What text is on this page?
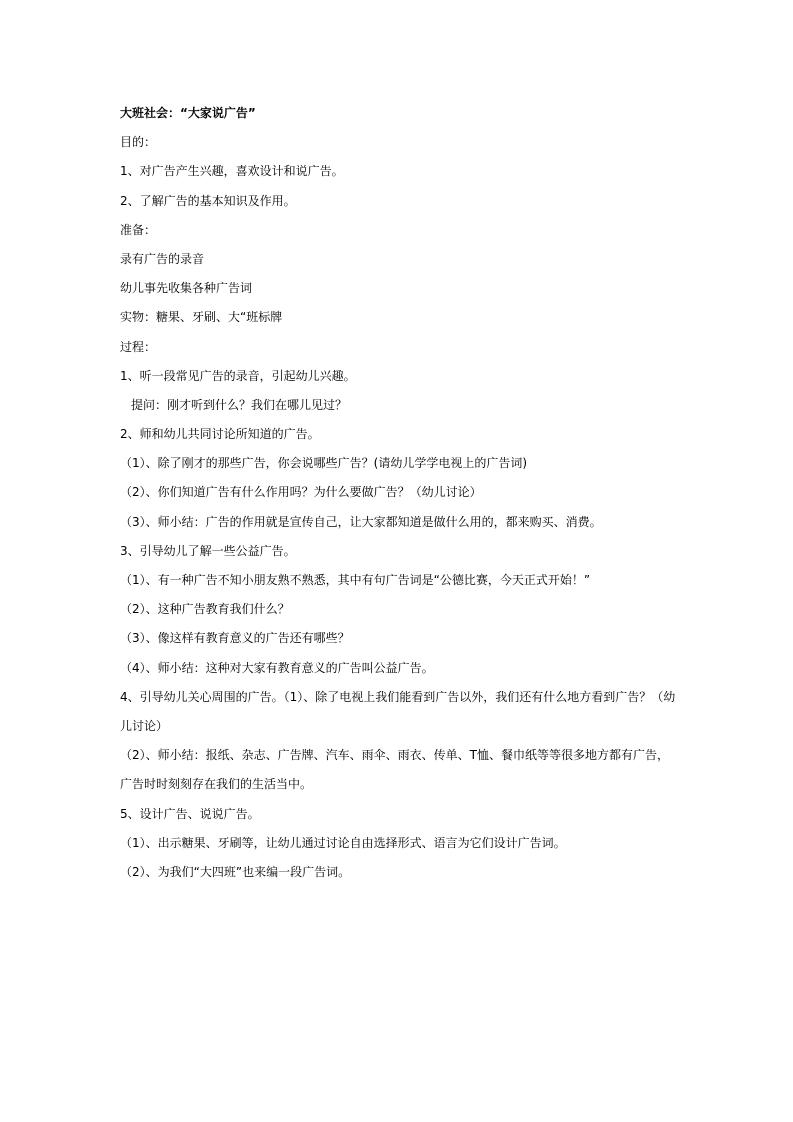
大班社会：“大家说广告”
目的：
1、对广告产生兴趣，喜欢设计和说广告。
2、了解广告的基本知识及作用。
准备：
录有广告的录音
幼儿事先收集各种广告词
实物：糖果、牙刷、大“班标牌
过程：
1、听一段常见广告的录音，引起幼儿兴趣。
提问：刚才听到什么？我们在哪儿见过？
2、师和幼儿共同讨论所知道的广告。
（1）、除了刚才的那些广告，你会说哪些广告？(请幼儿学学电视上的广告词)
（2）、你们知道广告有什么作用吗？为什么要做广告？（幼儿讨论）
（3）、师小结：广告的作用就是宣传自己，让大家都知道是做什么用的，都来购买、消费。
3、引导幼儿了解一些公益广告。
（1）、有一种广告不知小朋友熟不熟悉，其中有句广告词是“公德比赛，今天正式开始！”
（2）、这种广告教育我们什么？
（3）、像这样有教育意义的广告还有哪些？
（4）、师小结：这种对大家有教育意义的广告叫公益广告。
4、引导幼儿关心周围的广告。（1）、除了电视上我们能看到广告以外，我们还有什么地方看到广告？（幼
儿讨论）
（2）、师小结：报纸、杂志、广告牌、汽车、雨伞、雨衣、传单、T恤、餐巾纸等等很多地方都有广告，
广告时时刻刻存在我们的生活当中。
5、设计广告、说说广告。
（1）、出示糖果、牙刷等，让幼儿通过讨论自由选择形式、语言为它们设计广告词。
（2）、为我们“大四班”也来编一段广告词。
